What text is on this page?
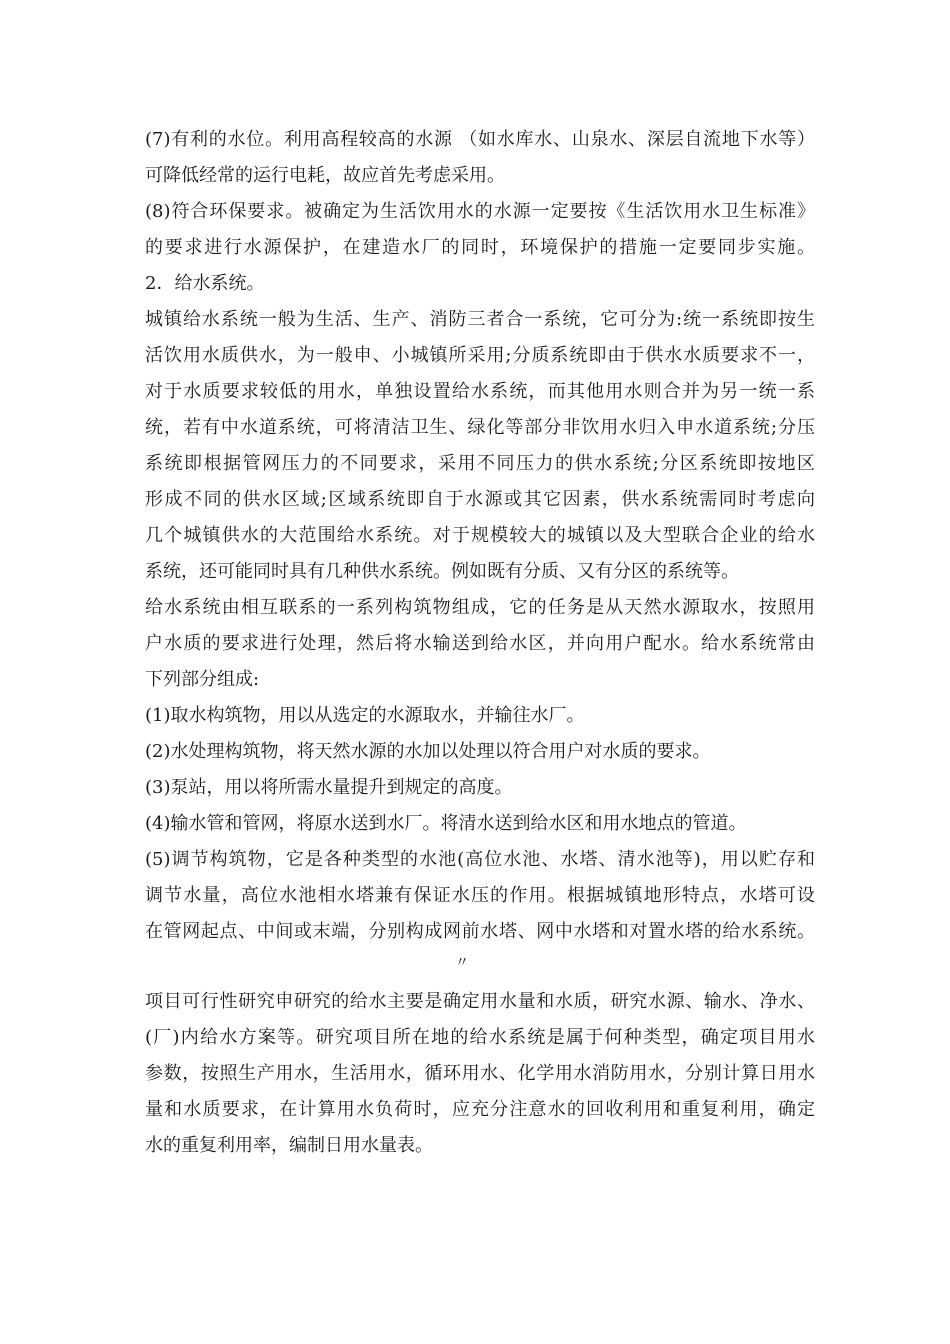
(7)有利的水位。利用高程较高的水源 （如水库水、山泉水、深层自流地下水等）
可降低经常的运行电耗，故应首先考虑采用。
(8)符合环保要求。被确定为生活饮用水的水源一定要按《生活饮用水卫生标准》
的要求进行水源保护，在建造水厂的同时，环境保护的措施一定要同步实施。
2．给水系统。
城镇给水系统一般为生活、生产、消防三者合一系统，它可分为:统一系统即按生
活饮用水质供水，为一般申、小城镇所采用;分质系统即由于供水水质要求不一，
对于水质要求较低的用水，单独设置给水系统，而其他用水则合并为另一统一系
统，若有中水道系统，可将清洁卫生、绿化等部分非饮用水归入申水道系统;分压
系统即根据管网压力的不同要求，采用不同压力的供水系统;分区系统即按地区
形成不同的供水区域;区域系统即自于水源或其它因素，供水系统需同时考虑向
几个城镇供水的大范围给水系统。对于规模较大的城镇以及大型联合企业的给水
系统，还可能同时具有几种供水系统。例如既有分质、又有分区的系统等。
给水系统由相互联系的一系列构筑物组成，它的任务是从天然水源取水，按照用
户水质的要求进行处理，然后将水输送到给水区，并向用户配水。给水系统常由
下列部分组成:
(1)取水构筑物，用以从选定的水源取水，并输往水厂。
(2)水处理构筑物，将天然水源的水加以处理以符合用户对水质的要求。
(3)泵站，用以将所需水量提升到规定的高度。
(4)输水管和管网，将原水送到水厂。将清水送到给水区和用水地点的管道。
(5)调节构筑物，它是各种类型的水池(高位水池、水塔、清水池等)，用以贮存和
调节水量，高位水池相水塔兼有保证水压的作用。根据城镇地形特点，水塔可设
在管网起点、中间或末端，分别构成网前水塔、网中水塔和对置水塔的给水系统。
〃
项目可行性研究申研究的给水主要是确定用水量和水质，研究水源、输水、净水、
(厂)内给水方案等。研究项目所在地的给水系统是属于何种类型，确定项目用水
参数，按照生产用水，生活用水，循环用水、化学用水消防用水，分别计算日用水
量和水质要求，在计算用水负荷时，应充分注意水的回收利用和重复利用，确定
水的重复利用率，编制日用水量表。
